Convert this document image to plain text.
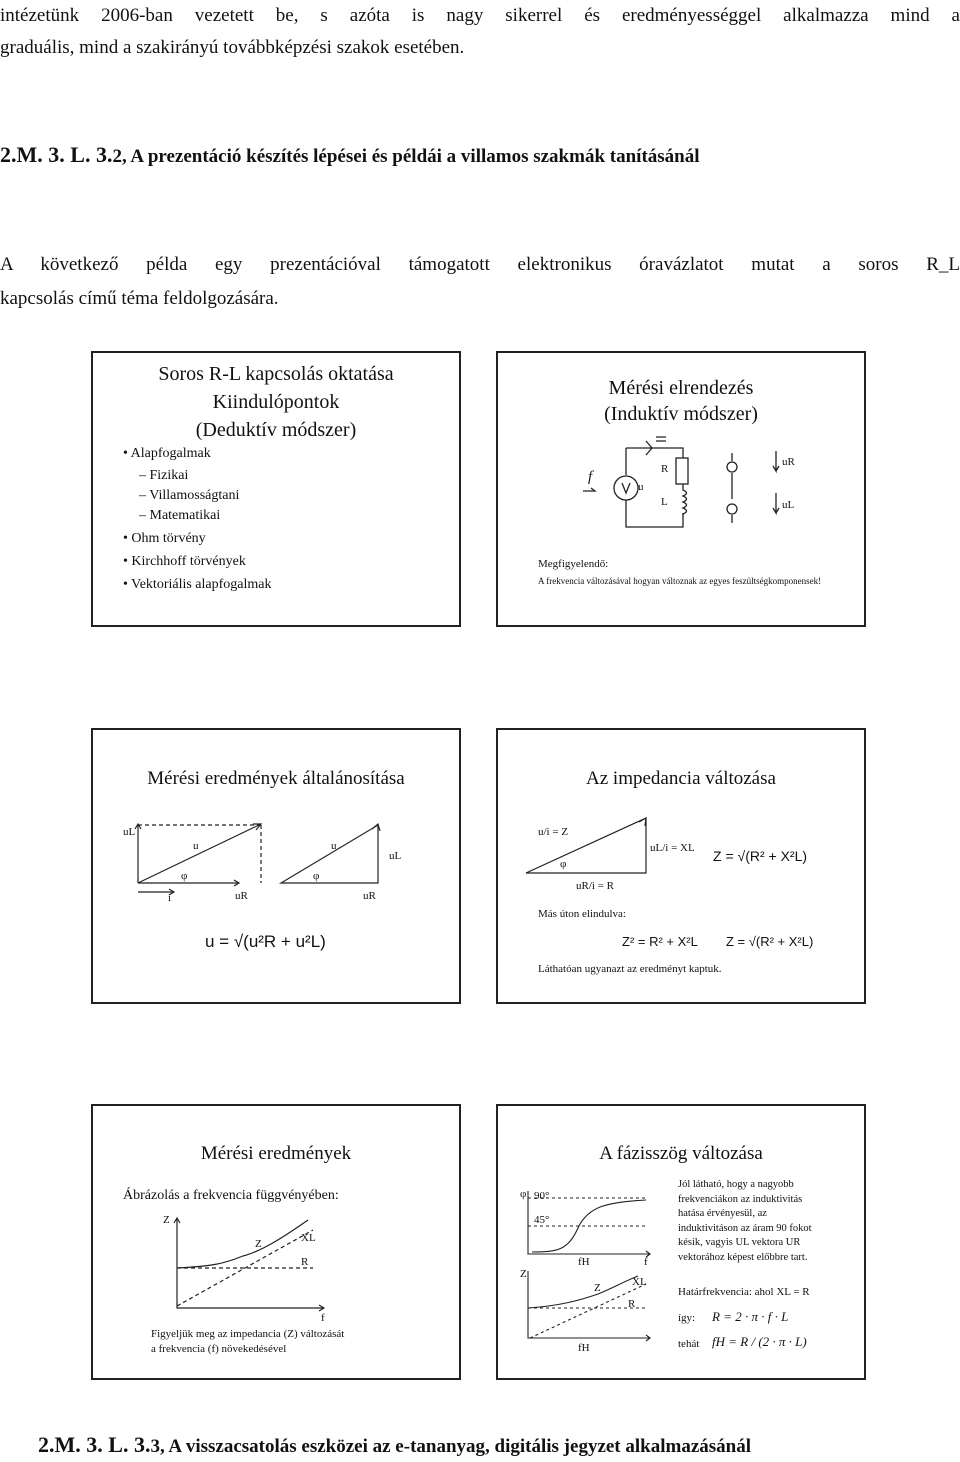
intézetünk 2006-ban vezetett be, s azóta is nagy sikerrel és eredményességgel alkalmazza mind a
graduális, mind a szakirányú továbbképzési szakok esetében.
2.M. 3. L. 3.2, A prezentáció készítés lépései és példái a villamos szakmák tanításánál
A következő példa egy prezentációval támogatott elektronikus óravázlatot mutat a soros R_L
kapcsolás című téma feldolgozására.
Soros R-L kapcsolás oktatása
Kiindulópontok
(Deduktív módszer)
• Alapfogalmak
– Fizikai
– Villamosságtani
– Matematikai
• Ohm törvény
• Kirchhoff törvények
• Vektoriális alapfogalmak
Mérési elrendezés
(Induktív módszer)
f
u
R
L
uR
uL
Megfigyelendő:
A frekvencia változásával hogyan változnak az egyes feszültségkomponensek!
Mérési eredmények általánosítása
uL
u
φ
i	uR
u
φ
uL
uR
u = √(u²R + u²L)
Az impedancia változása
u/i = Z
uL/i = XL
φ
uR/i = R
Z = √(R² + X²L)
Más úton elindulva:
Z² = R² + X²L Z = √(R² + X²L)
Láthatóan ugyanazt az eredményt kaptuk.
Mérési eredmények
Ábrázolás a frekvencia függvényében:
Z
f
Z	XL
R
Figyeljük meg az impedancia (Z) változását
a frekvencia (f) növekedésével
A fázisszög változása
φ 90°
45°
fH	f
Z
Z	XL
R
fH
Jól látható, hogy a nagyobb
frekvenciákon az induktivitás
hatása érvényesül, az
induktivitáson az áram 90 fokot
késik, vagyis UL vektora UR
vektorához képest előbbre tart.
Határfrekvencia: ahol XL = R
így: R = 2 · π · f · L
tehát fH = R / (2 · π · L)
2.M. 3. L. 3.3, A visszacsatolás eszközei az e-tananyag, digitális jegyzet alkalmazásánál
